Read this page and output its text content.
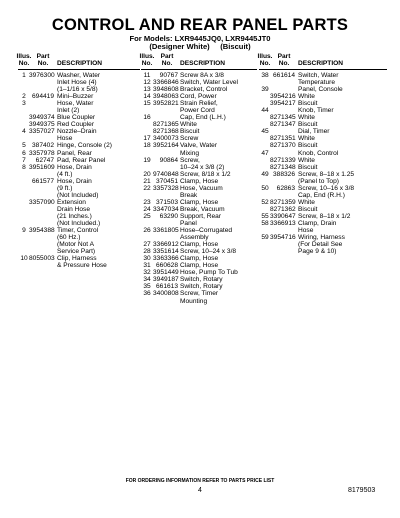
CONTROL AND REAR PANEL PARTS
For Models: LXR9445JQ0, LXR9445JT0
(Designer White)     (Biscuit)
Illus.
No.
Part
No.	DESCRIPTION
1 3976300 Washer, Water
Inlet Hose (4)
(1–1/16 x 5/8)
2 694419 Mini–Buzzer
3	Hose, Water
Inlet (2)
3949374 Blue Coupler
3949375 Red Coupler
4 3357027 Nozzle–Drain
Hose
5 387402 Hinge, Console (2)
6 3357978 Panel, Rear
7	62747 Pad, Rear Panel
8 3951609 Hose, Drain
(4 ft.)
661577 Hose, Drain
(9 ft.)
(Not Included)
3357090 Extension
Drain Hose
(21 Inches.)
(Not Included.)
9 3954388 Timer, Control
(60 Hz.)
(Motor Not A
Service Part)
10 8055003 Clip, Harness
& Pressure Hose
Illus.
No.
Part
No.	DESCRIPTION
11	90767 Screw 8A x 3/8
12 3366846 Switch, Water Level
13 3948608 Bracket, Control
14 3948063 Cord, Power
15 3952821 Strain Relief,
Power Cord
16	Cap, End (L.H.)
8271365 White
8271368 Biscuit
17 3400073 Screw
18 3952164 Valve, Water
Mixing
19	90864 Screw,
10–24 x 3/8 (2)
20 9740848 Screw, 8/18 x 1/2
21 370451 Clamp, Hose
22 3357328 Hose, Vacuum
Break
23 371503 Clamp, Hose
24 3347034 Break, Vacuum
25	63290 Support, Rear
Panel
26 3361805 Hose–Corrugated
Assembly
27 3366912 Clamp, Hose
28 3351614 Screw, 10–24 x 3/8
30 3363366 Clamp, Hose
31 660628 Clamp, Hose
32 3951449 Hose, Pump To Tub
34 3949187 Switch, Rotary
35 661613 Switch, Rotary
36 3400808 Screw, Timer
Mounting
Illus.
No.
Part
No.	DESCRIPTION
38 661614 Switch, Water
Temperature
39	Panel, Console
3954216 White
3954217 Biscuit
44	Knob, Timer
8271345 White
8271347 Biscuit
45	Dial, Timer
8271351 White
8271370 Biscuit
47	Knob, Control
8271339 White
8271348 Biscuit
49 388326 Screw, 8–18 x 1.25
(Panel to Top)
50	62863 Screw, 10–16 x 3/8
Cap, End (R.H.)
52 8271359 White
8271362 Biscuit
55 3390647 Screw, 8–18 x 1/2
58 3366913 Clamp, Drain
Hose
59 3954716 Wiring, Harness
(For Detail See
Page 9 & 10)
FOR ORDERING INFORMATION REFER TO PARTS PRICE LIST
4	8179503
